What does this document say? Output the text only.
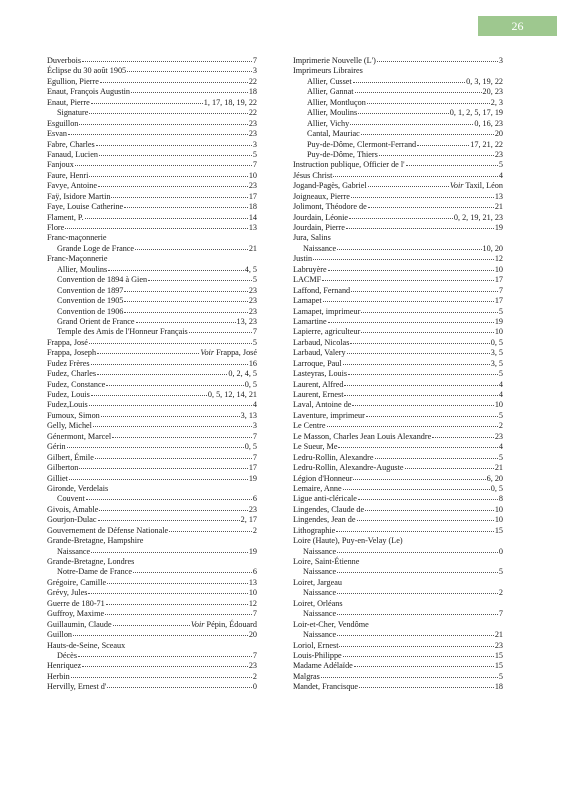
26
Duverbois	7
Éclipse du 30 août 1905	3
Egullion, Pierre	22
Enaut, François Augustin	18
Enaut, Pierre	1, 17, 18, 19, 22
Signature	22
Esguillon	23
Esvan	23
Fabre, Charles	3
Fanaud, Lucien	5
Fanjoux	7
Faure, Henri	10
Favye, Antoine	23
Faÿ, Isidore Martin	17
Faye, Louise Catherine	18
Flament, P.	14
Flore	13
Franc-maçonnerie
Grande Loge de France	21
Franc-Maçonnerie
Allier, Moulins	4, 5
Convention de 1894 à Gien	5
Convention de 1897	23
Convention de 1905	23
Convention de 1906	23
Grand Orient de France	13, 23
Temple des Amis de l'Honneur Français	7
Frappa, José	5
Frappa, Joseph	Voir Frappa, José
Fudez Frères	16
Fudez, Charles	0, 2, 4, 5
Fudez, Constance	0, 5
Fudez, Louis	0, 5, 12, 14, 21
Fudez,Louis	4
Fumoux, Simon	3, 13
Gelly, Michel	3
Génermont, Marcel	7
Gérin	0, 5
Gilbert, Émile	7
Gilberton	17
Gilliet	19
Gironde, Verdelais
Couvent	6
Givois, Amable	23
Gourjon-Dulac	2, 17
Gouvernement de Défense Nationale	2
Grande-Bretagne, Hampshire
Naissance	19
Grande-Bretagne, Londres
Notre-Dame de France	6
Grégoire, Camille	13
Grévy, Jules	10
Guerre de 180-71	12
Guffroy, Maxime	7
Guillaumin, Claude	Voir Pépin, Édouard
Guillon	20
Hauts-de-Seine, Sceaux
Décès	7
Henriquez	23
Herbin	2
Hervilly, Ernest d'	0
Imprimerie Nouvelle (L')	3
Imprimeurs Libraires
Allier, Cusset	0, 3, 19, 22
Allier, Gannat	20, 23
Allier, Montluçon	2, 3
Allier, Moulins	0, 1, 2, 5, 17, 19
Allier, Vichy	0, 16, 23
Cantal, Mauriac	20
Puy-de-Dôme, Clermont-Ferrand	17, 21, 22
Puy-de-Dôme, Thiers	23
Instruction publique, Officier de l'	5
Jésus Christ	4
Jogand-Pagès, Gabriel	Voir Taxil, Léon
Joigneaux, Pierre	13
Jolimont, Théodore de	21
Jourdain, Léonie	0, 2, 19, 21, 23
Jourdain, Pierre	19
Jura, Salins
Naissance	10, 20
Justin	12
Labruyère	10
LACMF	17
Laffond, Fernand	7
Lamapet	17
Lamapet, imprimeur	5
Lamartine	19
Lapierre, agriculteur	10
Larbaud, Nicolas	0, 5
Larbaud, Valery	3, 5
Larroque, Paul	3, 5
Lasteyras, Louis	5
Laurent, Alfred	4
Laurent, Ernest	4
Laval, Antoine de	10
Laventure, imprimeur	5
Le Centre	2
Le Masson, Charles Jean Louis Alexandre	23
Le Sueur, Me	4
Ledru-Rollin, Alexandre	5
Ledru-Rollin, Alexandre-Auguste	21
Légion d'Honneur	6, 20
Lemaire, Anne	0, 5
Ligue anti-cléricale	8
Lingendes, Claude de	10
Lingendes, Jean de	10
Lithographie	15
Loire (Haute), Puy-en-Velay (Le)
Naissance	0
Loire, Saint-Étienne
Naissance	5
Loiret, Jargeau
Naissance	2
Loiret, Orléans
Naissance	7
Loir-et-Cher, Vendôme
Naissance	21
Loriol, Ernest	23
Louis-Philippe	15
Madame Adélaïde	15
Malgras	5
Mandet, Francisque	18
